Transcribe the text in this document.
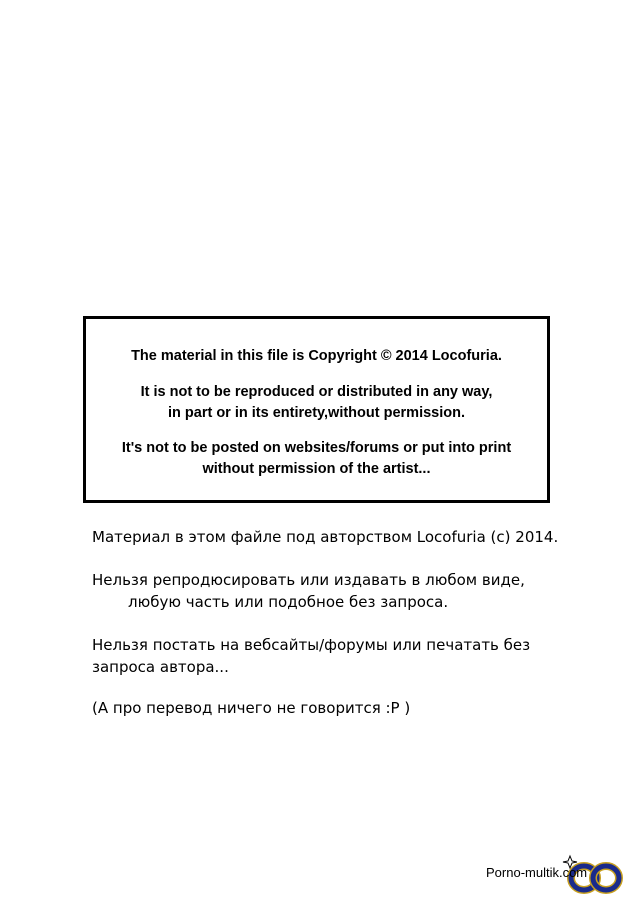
The material in this file is Copyright © 2014 Locofuria.

It is not to be reproduced or distributed in any way,

in part or in its entirety,without permission.

It's not to be posted on websites/forums or put into print

without permission of the artist...

Материал в этом файле под авторством Locofuria (с) 2014.
Нельзя репродюсировать или издавать в любом виде,
любую часть или подобное без запроса.
Нельзя постать на вебсайты/форумы или печатать без
запроса автора...
(А про перевод ничего не говорится :Р )
Porno-multik.com
